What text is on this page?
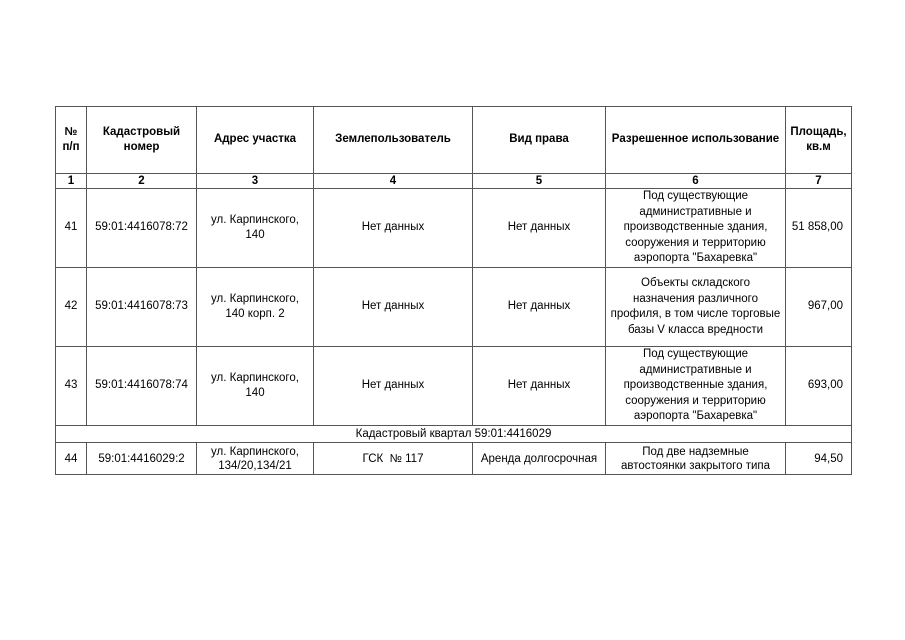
№ п/п	Кадастровый номер	Адрес участка	Землепользователь	Вид права	Разрешенное использование	Площадь, кв.м
1	2	3	4	5	6	7
41	59:01:4416078:72	ул. Карпинского, 140	Нет данных	Нет данных	Под существующие административные и производственные здания, сооружения и территорию аэропорта "Бахаревка"	51 858,00
42	59:01:4416078:73	ул. Карпинского, 140 корп. 2	Нет данных	Нет данных	Объекты складского назначения различного профиля, в том числе торговые базы V класса вредности	967,00
43	59:01:4416078:74	ул. Карпинского, 140	Нет данных	Нет данных	Под существующие административные и производственные здания, сооружения и территорию аэропорта "Бахаревка"	693,00
Кадастровый квартал 59:01:4416029						
44	59:01:4416029:2	ул. Карпинского, 134/20,134/21	ГСК  № 117	Аренда долгосрочная	Под две надземные автостоянки закрытого типа	94,50
